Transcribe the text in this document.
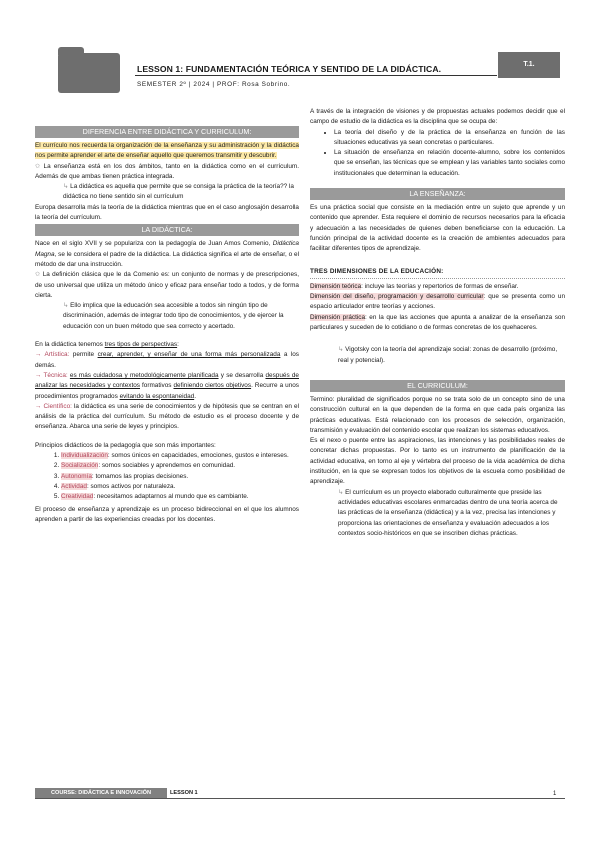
LESSON 1: FUNDAMENTACIÓN TEÓRICA Y SENTIDO DE LA DIDÁCTICA.	T.1.
SEMESTER 2º | 2024 | PROF: Rosa Sobrino.
DIFERENCIA ENTRE DIDÁCTICA Y CURRICULUM:

El currículo nos recuerda la organización de la enseñanza y su administración y la didáctica nos permite aprender el arte de enseñar aquello que queremos transmitir y descubrir.

✩ La enseñanza está en los dos ámbitos, tanto en la didáctica como en el currículum. Además de que ambas tienen práctica integrada.

↳ La didáctica es aquella que permite que se consiga la práctica de la teoría?? la didáctica no tiene sentido sin el currículum

Europa desarrolla más la teoría de la didáctica mientras que en el caso anglosajón desarrolla la teoría del currículum.

LA DIDÁCTICA:

Nace en el siglo XVII y se populariza con la pedagogía de Juan Amos Comenio, Didáctica Magna, se le considera el padre de la didáctica. La didáctica significa el arte de enseñar, o el método de dar una instrucción.

✩ La definición clásica que le da Comenio es: un conjunto de normas y de prescripciones, de uso universal que utiliza un método único y eficaz para enseñar todo a todos, y de forma cierta.

↳ Ello implica que la educación sea accesible a todos sin ningún tipo de discriminación, además de integrar todo tipo de conocimientos, y de ejercer la educación con un buen método que sea correcto y acertado.

En la didáctica tenemos tres tipos de perspectivas:

→ Artística: permite crear, aprender, y enseñar de una forma más personalizada a los demás.

→ Técnica: es más cuidadosa y metodológicamente planificada y se desarrolla después de analizar las necesidades y contextos formativos definiendo ciertos objetivos. Recurre a unos procedimientos programados evitando la espontaneidad.

→ Científico: la didáctica es una serie de conocimientos y de hipótesis que se centran en el análisis de la práctica del currículum. Su método de estudio es el proceso docente y de enseñanza. Abarca una serie de leyes y principios.

Principios didácticos de la pedagogía que son más importantes:

1. Individualización: somos únicos en capacidades, emociones, gustos e intereses.
2. Socialización: somos sociables y aprendemos en comunidad.
3. Autonomía: tomamos las propias decisiones.
4. Actividad: somos activos por naturaleza.
5. Creatividad: necesitamos adaptarnos al mundo que es cambiante.

El proceso de enseñanza y aprendizaje es un proceso bidireccional en el que los alumnos aprenden a partir de las experiencias creadas por los docentes.

A través de la integración de visiones y de propuestas actuales podemos decidir que el campo de estudio de la didáctica es la disciplina que se ocupa de:

• La teoría del diseño y de la práctica de la enseñanza en función de las situaciones educativas ya sean concretas o particulares.
• La situación de enseñanza en relación docente-alumno, sobre los contenidos que se enseñan, las técnicas que se emplean y las variables tanto sociales como institucionales que determinan la educación.
LA ENSEÑANZA:

Es una práctica social que consiste en la mediación entre un sujeto que aprende y un contenido que aprender. Esta requiere el dominio de recursos necesarios para la eficacia y adecuación a las necesidades de quienes deben beneficiarse con la educación. La función principal de la actividad docente es la creación de ambientes adecuados para facilitar diferentes tipos de aprendizaje.

TRES DIMENSIONES DE LA EDUCACIÓN:

Dimensión teórica: incluye las teorías y repertorios de formas de enseñar.

Dimensión del diseño, programación y desarrollo curricular: que se presenta como un espacio articulador entre teorías y acciones.

Dimensión práctica: en la que las acciones que apunta a analizar de la enseñanza son particulares y suceden de lo cotidiano o de formas concretas de los quehaceres.

↳ Vigotsky con la teoría del aprendizaje social: zonas de desarrollo (próximo, real y potencial).

EL CURRICULUM:

Termino: pluralidad de significados porque no se trata solo de un concepto sino de una construcción cultural en la que dependen de la forma en que cada país organiza las prácticas educativas. Está relacionado con los procesos de selección, organización, transmisión y evaluación del contenido escolar que realizan los sistemas educativos.

Es el nexo o puente entre las aspiraciones, las intenciones y las posibilidades reales de concretar dichas propuestas. Por lo tanto es un instrumento de planificación de la actividad educativa, en torno al eje y vértebra del proceso de la vida académica de dicha institución, en la que se expresan todos los objetivos de la escuela como posibilidad de aprendizaje.

↳ El currículum es un proyecto elaborado culturalmente que preside las actividades educativas escolares enmarcadas dentro de una teoría acerca de las prácticas de la enseñanza (didáctica) y a la vez, precisa las intenciones y proporciona las orientaciones de enseñanza y evaluación adecuados a los contextos socio-históricos en que se inscriben dichas prácticas.

COURSE: DIDÁCTICA E INNOVACIÓN	LESSON 1	1
